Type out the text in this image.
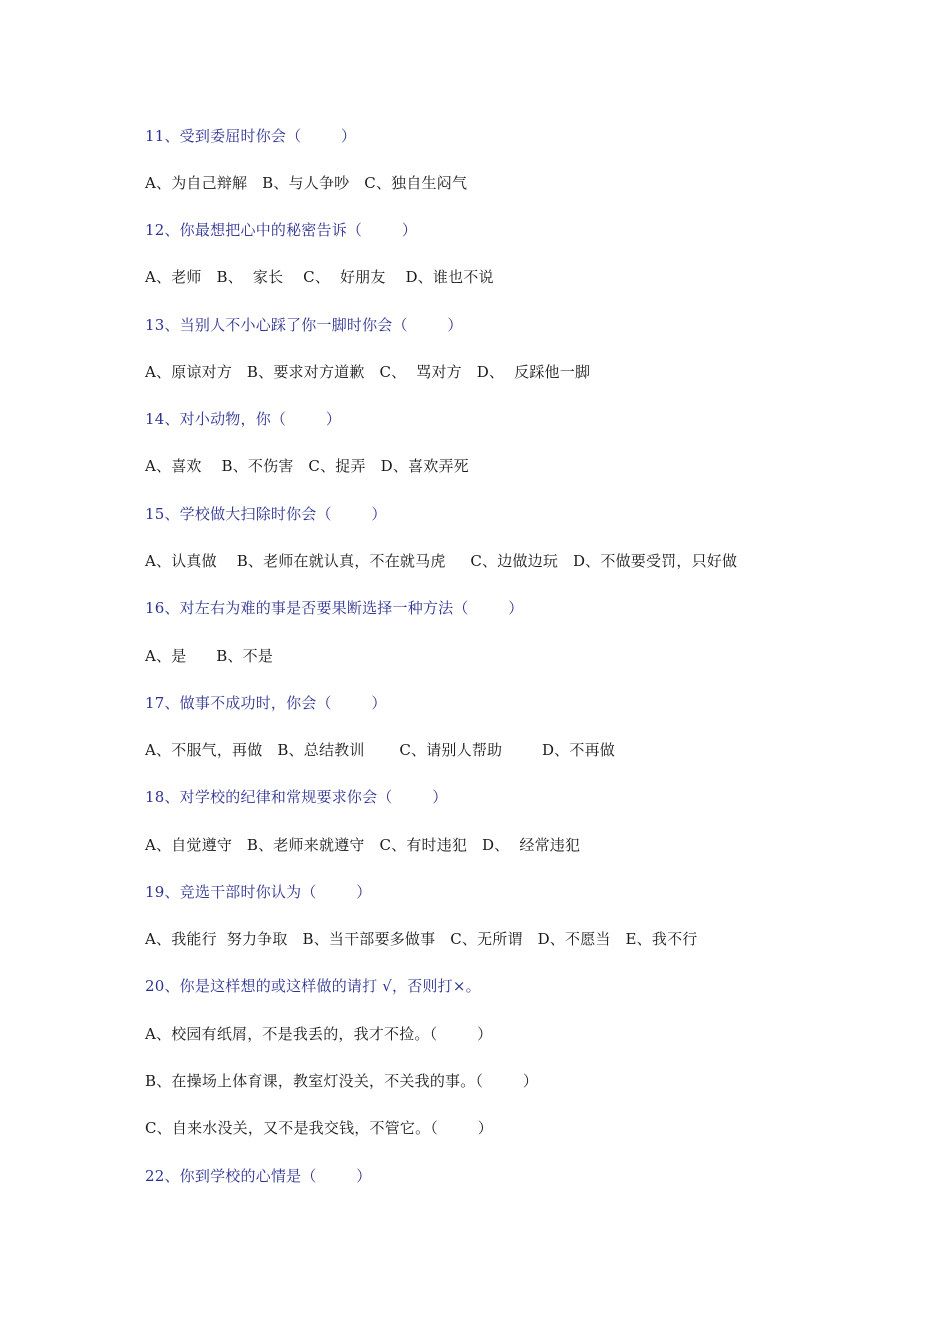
11、受到委屈时你会（        ）
A、为自己辩解   B、与人争吵   C、独自生闷气
12、你最想把心中的秘密告诉（        ）
A、老师   B、  家长    C、  好朋友    D、谁也不说
13、当别人不小心踩了你一脚时你会（        ）
A、原谅对方   B、要求对方道歉   C、  骂对方   D、  反踩他一脚
14、对小动物，你（        ）
A、喜欢    B、不伤害   C、捉弄   D、喜欢弄死
15、学校做大扫除时你会（        ）
A、认真做    B、老师在就认真，不在就马虎     C、边做边玩   D、不做要受罚，只好做
16、对左右为难的事是否要果断选择一种方法（        ）
A、是      B、不是
17、做事不成功时，你会（        ）
A、不服气，再做   B、总结教训       C、请别人帮助        D、不再做
18、对学校的纪律和常规要求你会（        ）
A、自觉遵守   B、老师来就遵守   C、有时违犯   D、  经常违犯
19、竞选干部时你认为（        ）
A、我能行  努力争取   B、当干部要多做事   C、无所谓   D、不愿当   E、我不行
20、你是这样想的或这样做的请打 √，否则打×。
A、校园有纸屑，不是我丢的，我才不捡。（        ）
B、在操场上体育课，教室灯没关，不关我的事。（        ）
C、自来水没关，又不是我交钱，不管它。（        ）
22、你到学校的心情是（        ）
